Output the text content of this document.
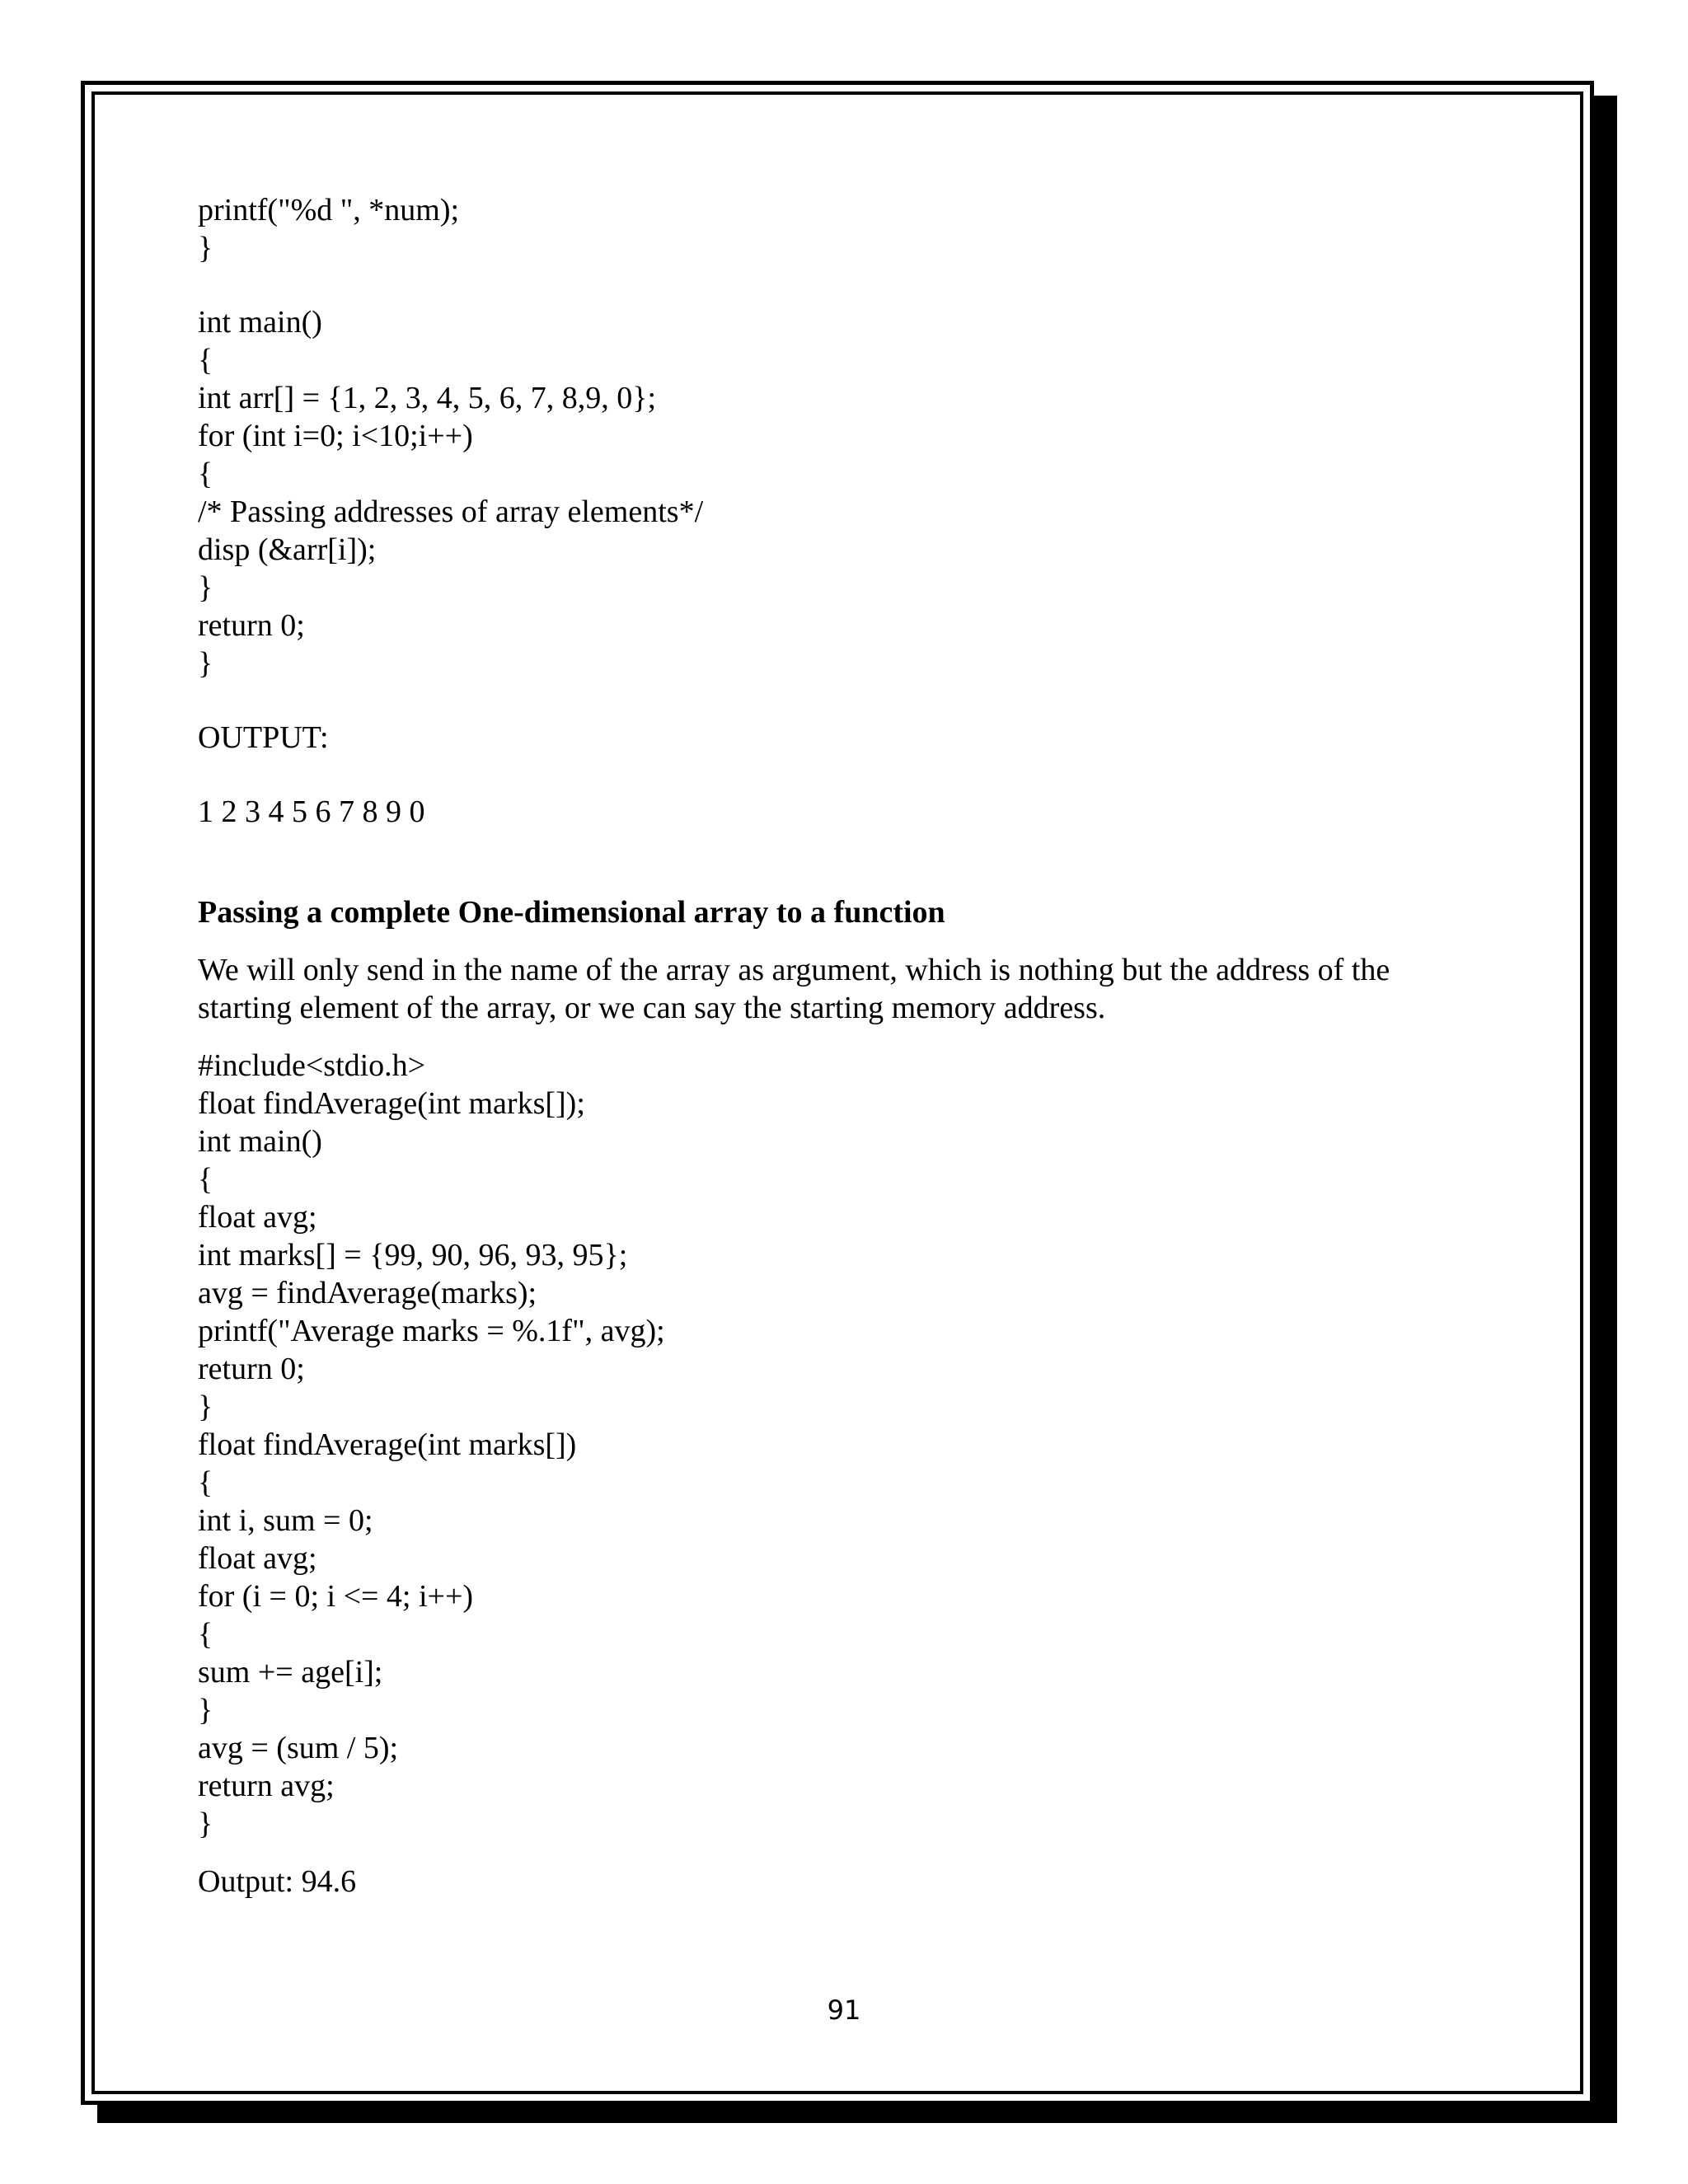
printf("%d ", *num);
}
int main()
{
int arr[] = {1, 2, 3, 4, 5, 6, 7, 8,9, 0};
for (int i=0; i<10;i++)
{
/* Passing addresses of array elements*/
disp (&arr[i]);
}
return 0;
}
OUTPUT:
1 2 3 4 5 6 7 8 9 0
Passing a complete One-dimensional array to a function
We will only send in the name of the array as argument, which is nothing but the address of the starting element of the array, or we can say the starting memory address.
#include<stdio.h>
float findAverage(int marks[]);
int main()
{
float avg;
int marks[] = {99, 90, 96, 93, 95};
avg = findAverage(marks);
printf("Average marks = %.1f", avg);
return 0;
}
float findAverage(int marks[])
{
int i, sum = 0;
float avg;
for (i = 0; i <= 4; i++)
{
sum += age[i];
}
avg = (sum / 5);
return avg;
}
Output: 94.6
91
